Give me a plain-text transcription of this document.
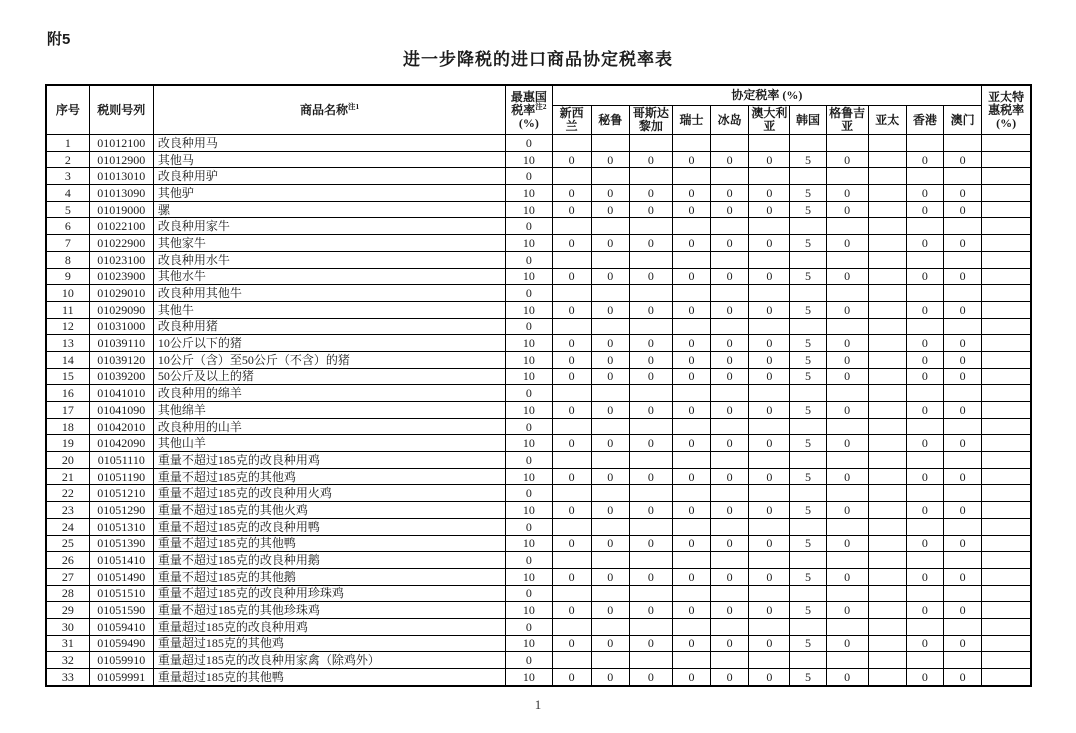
附5
进一步降税的进口商品协定税率表
序号	税则号列	商品名称$^{注1}$	最惠国
税率$^{注2}$
(%)	协定税率 (%)											亚太特惠税率
(%)

				新西兰	秘鲁	哥斯达黎加	瑞士	冰岛	澳大利亚	韩国	格鲁吉亚	亚太	香港	澳门	
1	01012100	改良种用马	0												
2	01012900	其他马	10	0	0	0	0	0	0	5	0		0	0	
3	01013010	改良种用驴	0												
4	01013090	其他驴	10	0	0	0	0	0	0	5	0		0	0	
5	01019000	骡	10	0	0	0	0	0	0	5	0		0	0	
6	01022100	改良种用家牛	0												
7	01022900	其他家牛	10	0	0	0	0	0	0	5	0		0	0	
8	01023100	改良种用水牛	0												
9	01023900	其他水牛	10	0	0	0	0	0	0	5	0		0	0	
10	01029010	改良种用其他牛	0												
11	01029090	其他牛	10	0	0	0	0	0	0	5	0		0	0	
12	01031000	改良种用猪	0												
13	01039110	10公斤以下的猪	10	0	0	0	0	0	0	5	0		0	0	
14	01039120	10公斤（含）至50公斤（不含）的猪	10	0	0	0	0	0	0	5	0		0	0	
15	01039200	50公斤及以上的猪	10	0	0	0	0	0	0	5	0		0	0	
16	01041010	改良种用的绵羊	0												
17	01041090	其他绵羊	10	0	0	0	0	0	0	5	0		0	0	
18	01042010	改良种用的山羊	0												
19	01042090	其他山羊	10	0	0	0	0	0	0	5	0		0	0	
20	01051110	重量不超过185克的改良种用鸡	0												
21	01051190	重量不超过185克的其他鸡	10	0	0	0	0	0	0	5	0		0	0	
22	01051210	重量不超过185克的改良种用火鸡	0												
23	01051290	重量不超过185克的其他火鸡	10	0	0	0	0	0	0	5	0		0	0	
24	01051310	重量不超过185克的改良种用鸭	0												
25	01051390	重量不超过185克的其他鸭	10	0	0	0	0	0	0	5	0		0	0	
26	01051410	重量不超过185克的改良种用鹅	0												
27	01051490	重量不超过185克的其他鹅	10	0	0	0	0	0	0	5	0		0	0	
28	01051510	重量不超过185克的改良种用珍珠鸡	0												
29	01051590	重量不超过185克的其他珍珠鸡	10	0	0	0	0	0	0	5	0		0	0	
30	01059410	重量超过185克的改良种用鸡	0												
31	01059490	重量超过185克的其他鸡	10	0	0	0	0	0	0	5	0		0	0	
32	01059910	重量超过185克的改良种用家禽（除鸡外）	0												
33	01059991	重量超过185克的其他鸭	10	0	0	0	0	0	0	5	0		0	0	
1
